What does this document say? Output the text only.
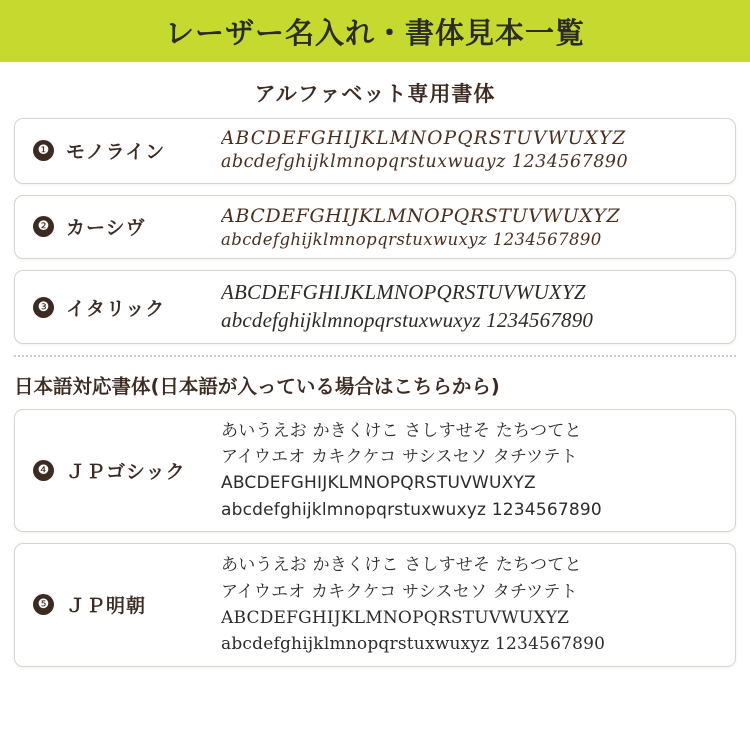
レーザー名入れ・書体見本一覧
アルファベット専用書体
❶ モノライン
ABCDEFGHIJKLMNOPQRSTUVWUXYZ
abcdefghijklmnopqrstuxwuayz 1234567890
❷ カーシヴ
ABCDEFGHIJKLMNOPQRSTUVWUXYZ
abcdefghijklmnopqrstuxwuxyz 1234567890
❸ イタリック
ABCDEFGHIJKLMNOPQRSTUVWUXYZ
abcdefghijklmnopqrstuxwuxyz 1234567890
日本語対応書体(日本語が入っている場合はこちらから)
❹ ＪＰゴシック
あいうえお かきくけこ さしすせそ たちつてと
アイウエオ カキクケコ サシスセソ タチツテト
ABCDEFGHIJKLMNOPQRSTUVWUXYZ
abcdefghijklmnopqrstuxwuxyz 1234567890
❺ ＪＰ明朝
あいうえお かきくけこ さしすせそ たちつてと
アイウエオ カキクケコ サシスセソ タチツテト
ABCDEFGHIJKLMNOPQRSTUVWUXYZ
abcdefghijklmnopqrstuxwuxyz 1234567890
